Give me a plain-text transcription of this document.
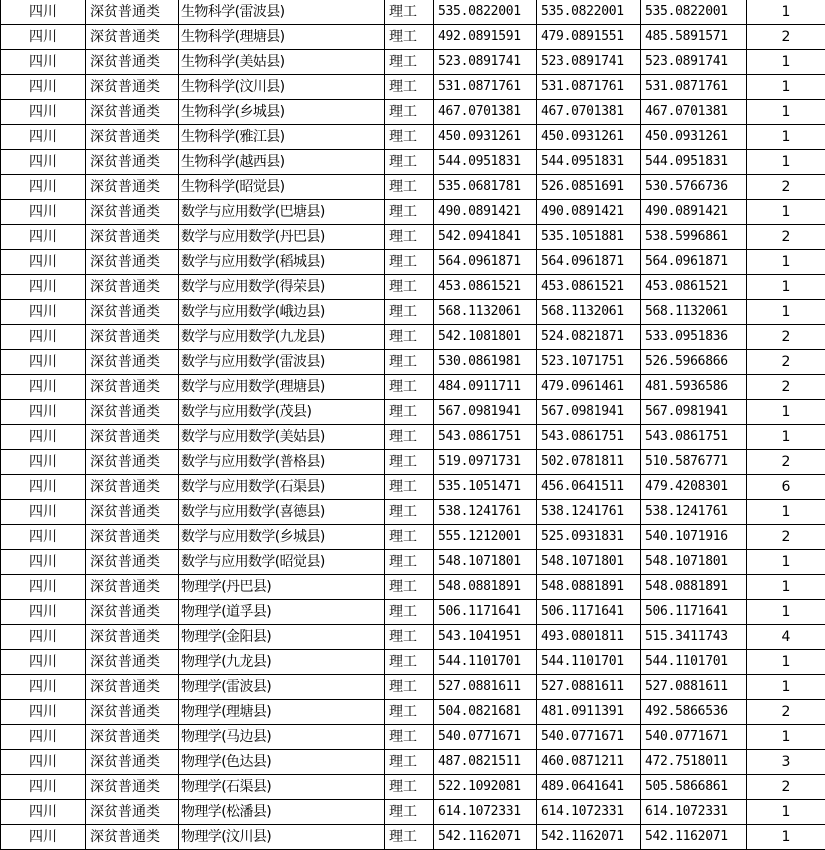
四川	深贫普通类	生物科学(雷波县)	理工	535.0822001	535.0822001	535.0822001	1
四川	深贫普通类	生物科学(理塘县)	理工	492.0891591	479.0891551	485.5891571	2
四川	深贫普通类	生物科学(美姑县)	理工	523.0891741	523.0891741	523.0891741	1
四川	深贫普通类	生物科学(汶川县)	理工	531.0871761	531.0871761	531.0871761	1
四川	深贫普通类	生物科学(乡城县)	理工	467.0701381	467.0701381	467.0701381	1
四川	深贫普通类	生物科学(雅江县)	理工	450.0931261	450.0931261	450.0931261	1
四川	深贫普通类	生物科学(越西县)	理工	544.0951831	544.0951831	544.0951831	1
四川	深贫普通类	生物科学(昭觉县)	理工	535.0681781	526.0851691	530.5766736	2
四川	深贫普通类	数学与应用数学(巴塘县)	理工	490.0891421	490.0891421	490.0891421	1
四川	深贫普通类	数学与应用数学(丹巴县)	理工	542.0941841	535.1051881	538.5996861	2
四川	深贫普通类	数学与应用数学(稻城县)	理工	564.0961871	564.0961871	564.0961871	1
四川	深贫普通类	数学与应用数学(得荣县)	理工	453.0861521	453.0861521	453.0861521	1
四川	深贫普通类	数学与应用数学(峨边县)	理工	568.1132061	568.1132061	568.1132061	1
四川	深贫普通类	数学与应用数学(九龙县)	理工	542.1081801	524.0821871	533.0951836	2
四川	深贫普通类	数学与应用数学(雷波县)	理工	530.0861981	523.1071751	526.5966866	2
四川	深贫普通类	数学与应用数学(理塘县)	理工	484.0911711	479.0961461	481.5936586	2
四川	深贫普通类	数学与应用数学(茂县)	理工	567.0981941	567.0981941	567.0981941	1
四川	深贫普通类	数学与应用数学(美姑县)	理工	543.0861751	543.0861751	543.0861751	1
四川	深贫普通类	数学与应用数学(普格县)	理工	519.0971731	502.0781811	510.5876771	2
四川	深贫普通类	数学与应用数学(石渠县)	理工	535.1051471	456.0641511	479.4208301	6
四川	深贫普通类	数学与应用数学(喜德县)	理工	538.1241761	538.1241761	538.1241761	1
四川	深贫普通类	数学与应用数学(乡城县)	理工	555.1212001	525.0931831	540.1071916	2
四川	深贫普通类	数学与应用数学(昭觉县)	理工	548.1071801	548.1071801	548.1071801	1
四川	深贫普通类	物理学(丹巴县)	理工	548.0881891	548.0881891	548.0881891	1
四川	深贫普通类	物理学(道孚县)	理工	506.1171641	506.1171641	506.1171641	1
四川	深贫普通类	物理学(金阳县)	理工	543.1041951	493.0801811	515.3411743	4
四川	深贫普通类	物理学(九龙县)	理工	544.1101701	544.1101701	544.1101701	1
四川	深贫普通类	物理学(雷波县)	理工	527.0881611	527.0881611	527.0881611	1
四川	深贫普通类	物理学(理塘县)	理工	504.0821681	481.0911391	492.5866536	2
四川	深贫普通类	物理学(马边县)	理工	540.0771671	540.0771671	540.0771671	1
四川	深贫普通类	物理学(色达县)	理工	487.0821511	460.0871211	472.7518011	3
四川	深贫普通类	物理学(石渠县)	理工	522.1092081	489.0641641	505.5866861	2
四川	深贫普通类	物理学(松潘县)	理工	614.1072331	614.1072331	614.1072331	1
四川	深贫普通类	物理学(汶川县)	理工	542.1162071	542.1162071	542.1162071	1
